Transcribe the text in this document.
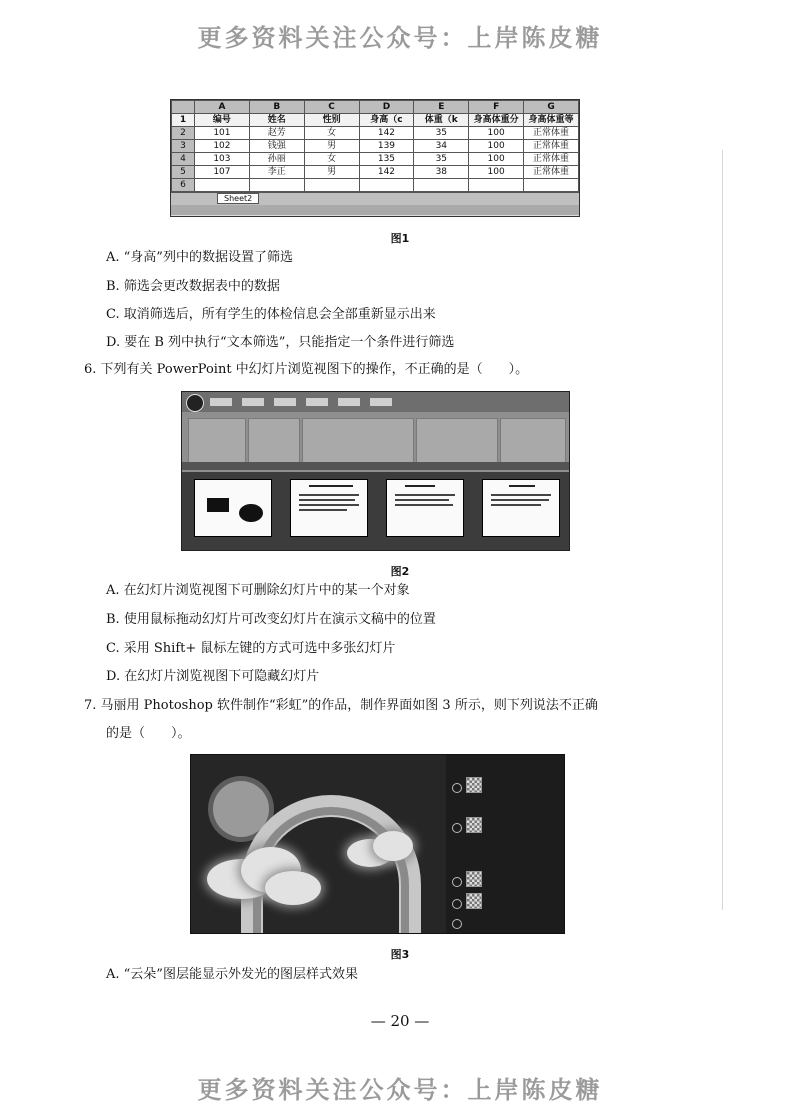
更多资料关注公众号：上岸陈皮糖
	A	B	C	D	E	F	G
1	编号	姓名	性别	身高（c	体重（k	身高体重分	身高体重等
2	101	赵芳	女	142	35	100	正常体重
3	102	钱强	男	139	34	100	正常体重
4	103	孙丽	女	135	35	100	正常体重
5	107	李正	男	142	38	100	正常体重
6							
Sheet2
图1
A. “身高”列中的数据设置了筛选
B. 筛选会更改数据表中的数据
C. 取消筛选后，所有学生的体检信息会全部重新显示出来
D. 要在 B 列中执行“文本筛选”，只能指定一个条件进行筛选
6. 下列有关 PowerPoint 中幻灯片浏览视图下的操作，不正确的是（　　）。
图2
A. 在幻灯片浏览视图下可删除幻灯片中的某一个对象
B. 使用鼠标拖动幻灯片可改变幻灯片在演示文稿中的位置
C. 采用 Shift+ 鼠标左键的方式可选中多张幻灯片
D. 在幻灯片浏览视图下可隐藏幻灯片
7. 马丽用 Photoshop 软件制作“彩虹”的作品，制作界面如图 3 所示，则下列说法不正确
的是（　　）。
图3
A. “云朵”图层能显示外发光的图层样式效果
— 20 —
更多资料关注公众号：上岸陈皮糖
